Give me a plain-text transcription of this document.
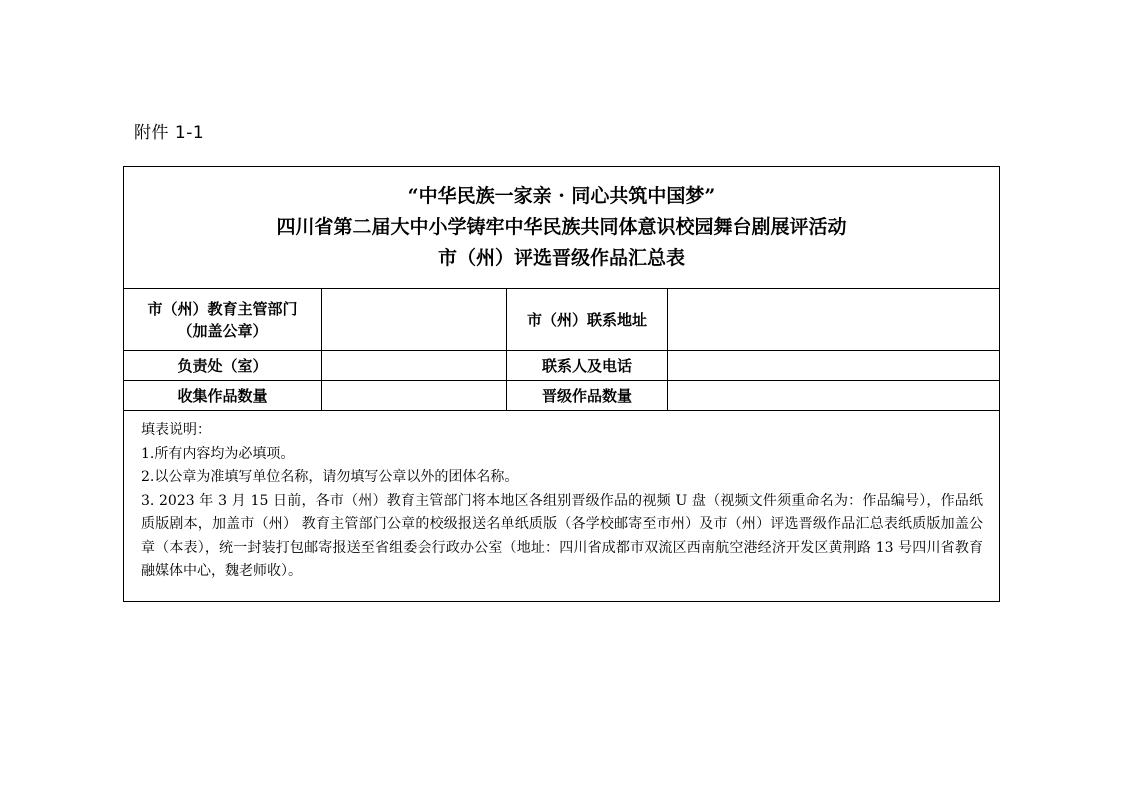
附件 1-1
“中华民族一家亲 · 同心共筑中国梦”
四川省第二届大中小学铸牢中华民族共同体意识校园舞台剧展评活动
市（州）评选晋级作品汇总表			

市（州）教育主管部门
（加盖公章）		市（州）联系地址	
负责处（室）		联系人及电话	
收集作品数量		晋级作品数量	

填表说明：

1.所有内容均为必填项。

2.以公章为准填写单位名称，请勿填写公章以外的团体名称。

3. 2023 年 3 月 15 日前，各市（州）教育主管部门将本地区各组别晋级作品的视频 U 盘（视频文件须重命名为：作品编号），作品纸质版剧本，加盖市（州） 教育主管部门公章的校级报送名单纸质版（各学校邮寄至市州）及市（州）评选晋级作品汇总表纸质版加盖公章（本表），统一封装打包邮寄报送至省组委会行政办公室（地址：四川省成都市双流区西南航空港经济开发区黄荆路 13 号四川省教育融媒体中心，魏老师收）。			
